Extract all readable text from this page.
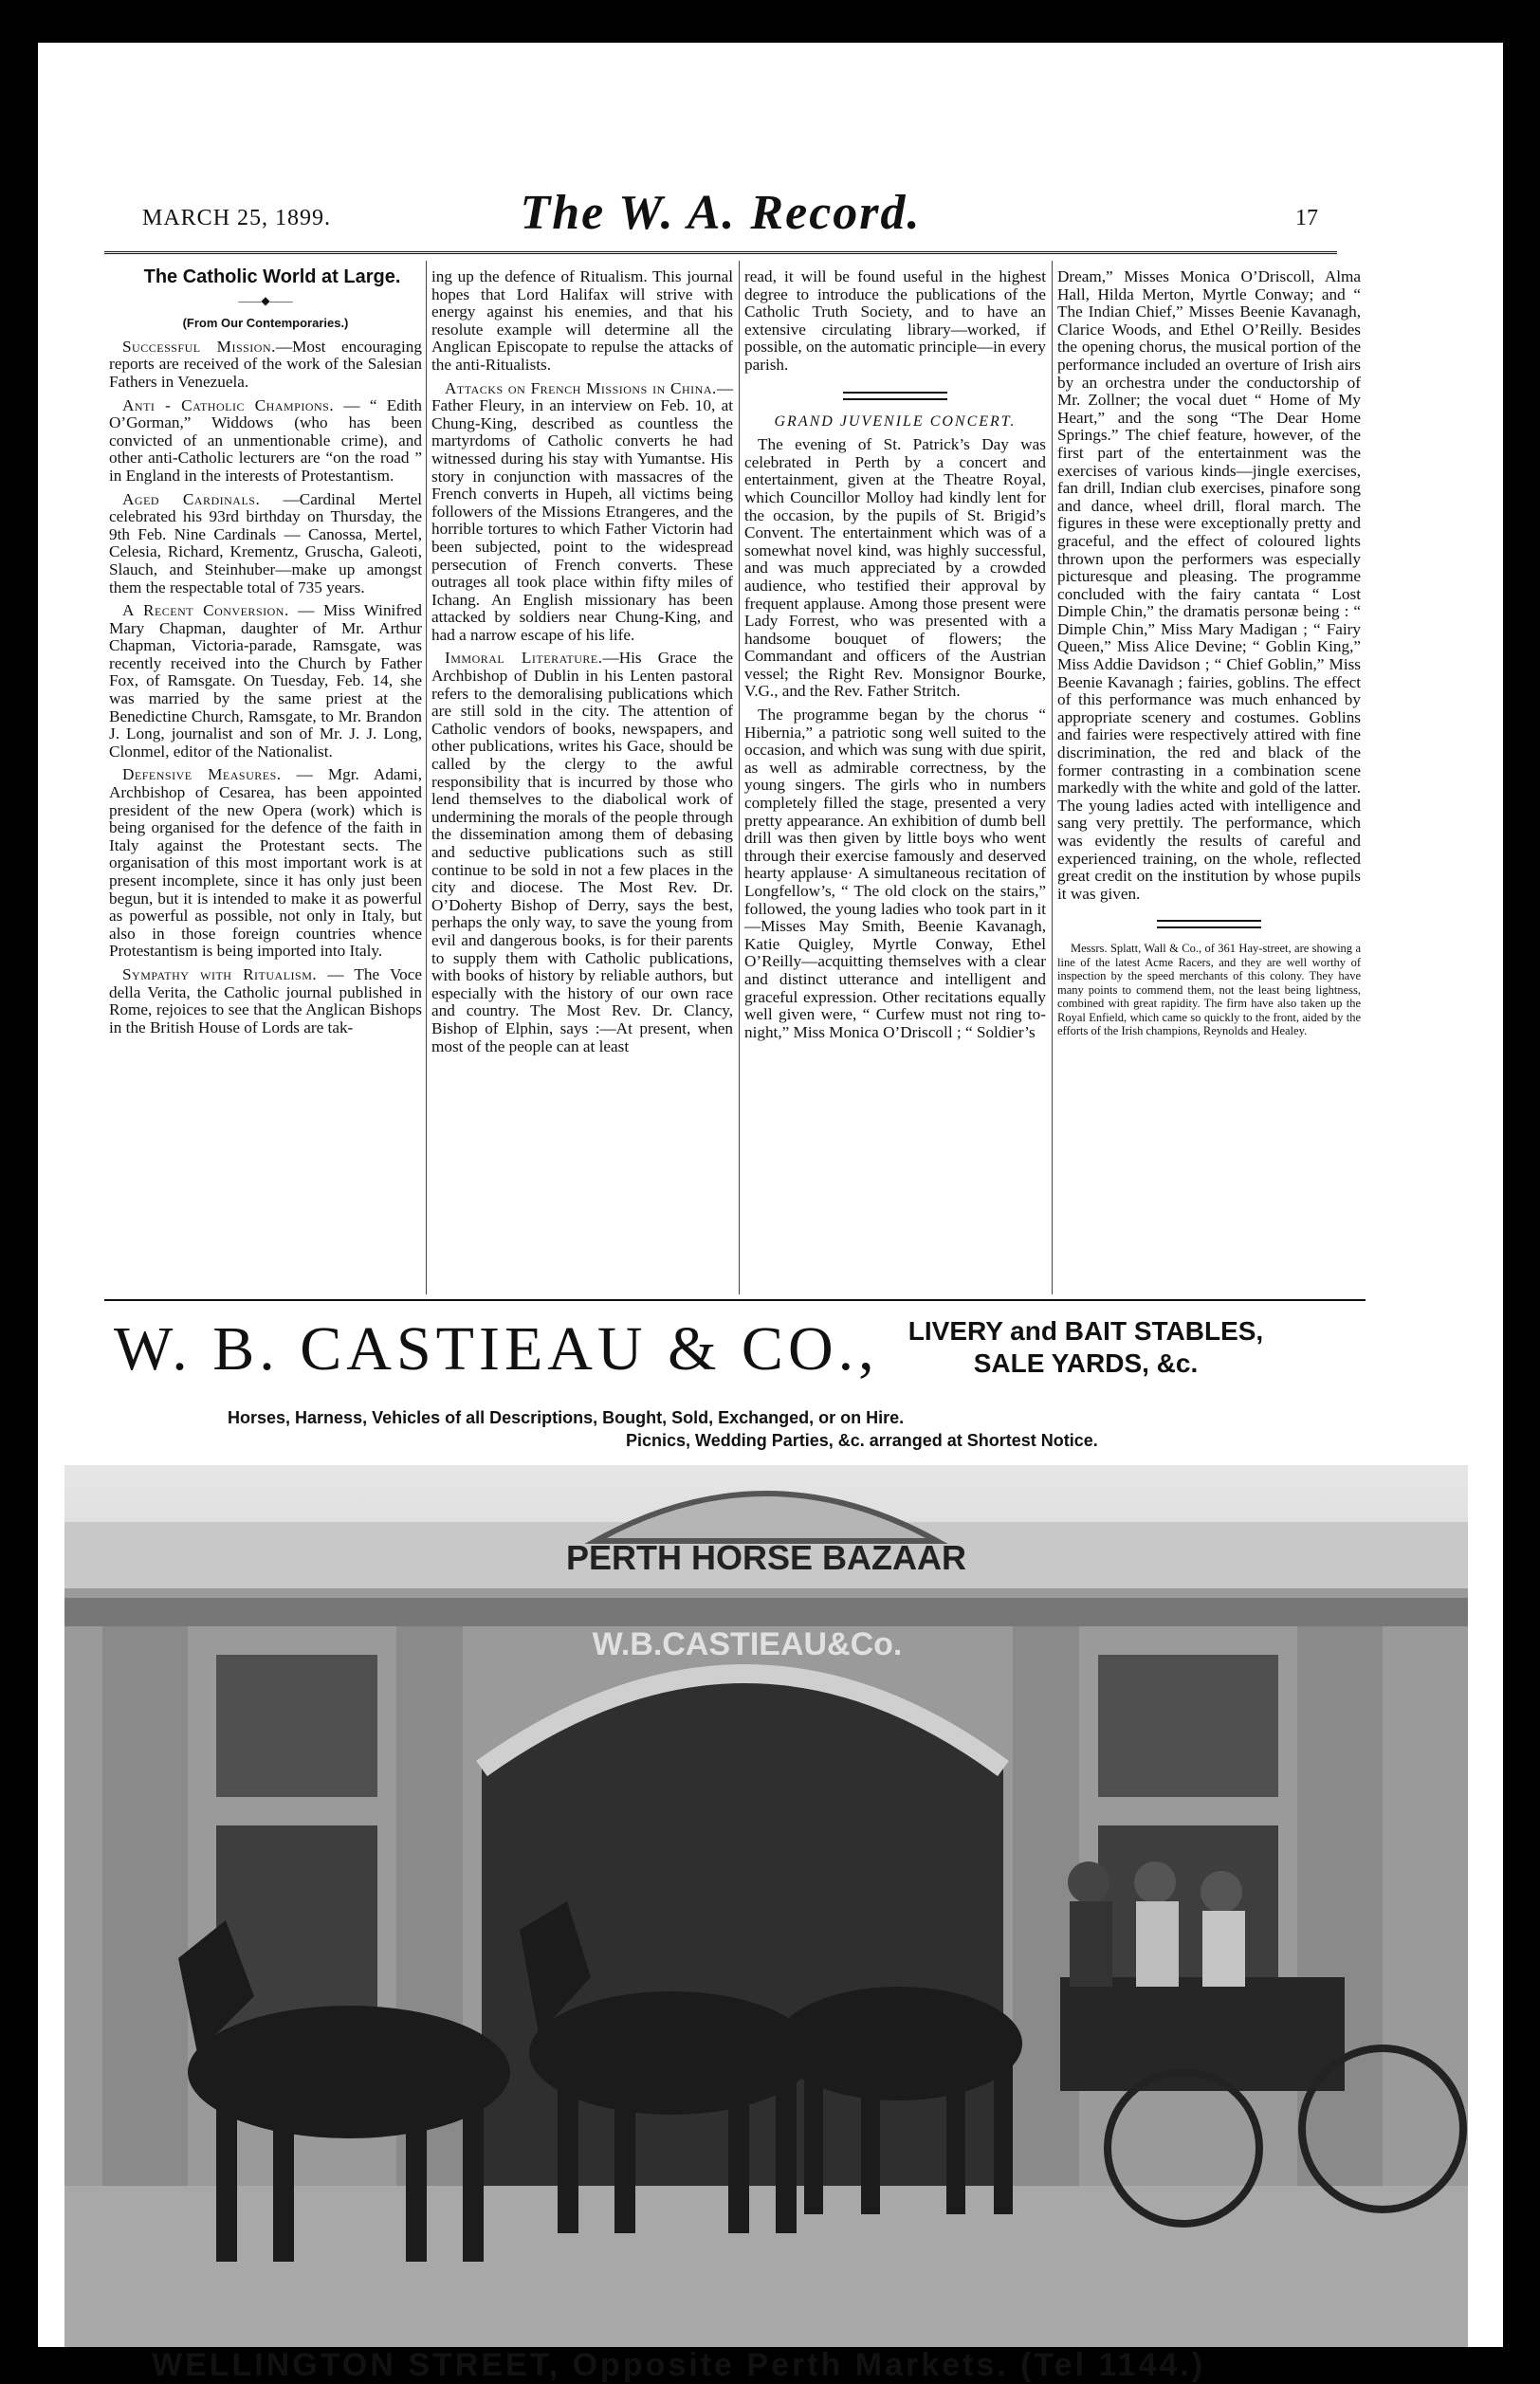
MARCH 25, 1899.	The W. A. Record.	17

The Catholic World at Large.

——◆——

(From Our Contemporaries.)

Successful Mission.—Most encouraging reports are received of the work of the Salesian Fathers in Venezuela.

Anti - Catholic Champions. — “ Edith O’Gorman,” Widdows (who has been convicted of an unmentionable crime), and other anti-Catholic lecturers are “on the road ” in England in the interests of Protestantism.

Aged Cardinals. —Cardinal Mertel celebrated his 93rd birthday on Thursday, the 9th Feb. Nine Cardinals — Canossa, Mertel, Celesia, Richard, Krementz, Gruscha, Galeoti, Slauch, and Steinhuber—make up amongst them the respectable total of 735 years.

A Recent Conversion. — Miss Winifred Mary Chapman, daughter of Mr. Arthur Chapman, Victoria-parade, Ramsgate, was recently received into the Church by Father Fox, of Ramsgate. On Tuesday, Feb. 14, she was married by the same priest at the Benedictine Church, Ramsgate, to Mr. Brandon J. Long, journalist and son of Mr. J. J. Long, Clonmel, editor of the Nationalist.

Defensive Measures. — Mgr. Adami, Archbishop of Cesarea, has been appointed president of the new Opera (work) which is being organised for the defence of the faith in Italy against the Protestant sects. The organisation of this most important work is at present incomplete, since it has only just been begun, but it is intended to make it as powerful as powerful as possible, not only in Italy, but also in those foreign countries whence Protestantism is being imported into Italy.

Sympathy with Ritualism. — The Voce della Verita, the Catholic journal published in Rome, rejoices to see that the Anglican Bishops in the British House of Lords are tak-

ing up the defence of Ritualism. This journal hopes that Lord Halifax will strive with energy against his enemies, and that his resolute example will determine all the Anglican Episcopate to repulse the attacks of the anti-Ritualists.

Attacks on French Missions in China.—Father Fleury, in an interview on Feb. 10, at Chung-King, described as countless the martyrdoms of Catholic converts he had witnessed during his stay with Yumantse. His story in conjunction with massacres of the French converts in Hupeh, all victims being followers of the Missions Etrangeres, and the horrible tortures to which Father Victorin had been subjected, point to the widespread persecution of French converts. These outrages all took place within fifty miles of Ichang. An English missionary has been attacked by soldiers near Chung-King, and had a narrow escape of his life.

Immoral Literature.—His Grace the Archbishop of Dublin in his Lenten pastoral refers to the demoralising publications which are still sold in the city. The attention of Catholic vendors of books, newspapers, and other publications, writes his Gace, should be called by the clergy to the awful responsibility that is incurred by those who lend themselves to the diabolical work of undermining the morals of the people through the dissemination among them of debasing and seductive publications such as still continue to be sold in not a few places in the city and diocese. The Most Rev. Dr. O’Doherty Bishop of Derry, says the best, perhaps the only way, to save the young from evil and dangerous books, is for their parents to supply them with Catholic publications, with books of history by reliable authors, but especially with the history of our own race and country. The Most Rev. Dr. Clancy, Bishop of Elphin, says :—At present, when most of the people can at least

read, it will be found useful in the highest degree to introduce the publications of the Catholic Truth Society, and to have an extensive circulating library—worked, if possible, on the automatic principle—in every parish.

GRAND JUVENILE CONCERT.

The evening of St. Patrick’s Day was celebrated in Perth by a concert and entertainment, given at the Theatre Royal, which Councillor Molloy had kindly lent for the occasion, by the pupils of St. Brigid’s Convent. The entertainment which was of a somewhat novel kind, was highly successful, and was much appreciated by a crowded audience, who testified their approval by frequent applause. Among those present were Lady Forrest, who was presented with a handsome bouquet of flowers; the Commandant and officers of the Austrian vessel; the Right Rev. Monsignor Bourke, V.G., and the Rev. Father Stritch.

The programme began by the chorus “ Hibernia,” a patriotic song well suited to the occasion, and which was sung with due spirit, as well as admirable correctness, by the young singers. The girls who in numbers completely filled the stage, presented a very pretty appearance. An exhibition of dumb bell drill was then given by little boys who went through their exercise famously and deserved hearty applause· A simultaneous recitation of Longfellow’s, “ The old clock on the stairs,” followed, the young ladies who took part in it—Misses May Smith, Beenie Kavanagh, Katie Quigley, Myrtle Conway, Ethel O’Reilly—acquitting themselves with a clear and distinct utterance and intelligent and graceful expression. Other recitations equally well given were, “ Curfew must not ring to-night,” Miss Monica O’Driscoll ; “ Soldier’s

Dream,” Misses Monica O’Driscoll, Alma Hall, Hilda Merton, Myrtle Conway; and “ The Indian Chief,” Misses Beenie Kavanagh, Clarice Woods, and Ethel O’Reilly. Besides the opening chorus, the musical portion of the performance included an overture of Irish airs by an orchestra under the conductorship of Mr. Zollner; the vocal duet “ Home of My Heart,” and the song “The Dear Home Springs.” The chief feature, however, of the first part of the entertainment was the exercises of various kinds—jingle exercises, fan drill, Indian club exercises, pinafore song and dance, wheel drill, floral march. The figures in these were exceptionally pretty and graceful, and the effect of coloured lights thrown upon the performers was especially picturesque and pleasing. The programme concluded with the fairy cantata “ Lost Dimple Chin,” the dramatis personæ being : “ Dimple Chin,” Miss Mary Madigan ; “ Fairy Queen,” Miss Alice Devine; “ Goblin King,” Miss Addie Davidson ; “ Chief Goblin,” Miss Beenie Kavanagh ; fairies, goblins. The effect of this performance was much enhanced by appropriate scenery and costumes. Goblins and fairies were respectively attired with fine discrimination, the red and black of the former contrasting in a combination scene markedly with the white and gold of the latter. The young ladies acted with intelligence and sang very prettily. The performance, which was evidently the results of careful and experienced training, on the whole, reflected great credit on the institution by whose pupils it was given.

Messrs. Splatt, Wall & Co., of 361 Hay-street, are showing a line of the latest Acme Racers, and they are well worthy of inspection by the speed merchants of this colony. They have many points to commend them, not the least being lightness, combined with great rapidity. The firm have also taken up the Royal Enfield, which came so quickly to the front, aided by the efforts of the Irish champions, Reynolds and Healey.

W. B. CASTIEAU & CO.,	LIVERY and BAIT STABLES,
SALE YARDS, &c.
Horses, Harness, Vehicles of all Descriptions, Bought, Sold, Exchanged, or on Hire.
Picnics, Wedding Parties, &c. arranged at Shortest Notice.
PERTH HORSE BAZAAR
W.B.CASTIEAU&Co.
WELLINGTON STREET, Opposite Perth Markets. (Tel 1144.)
